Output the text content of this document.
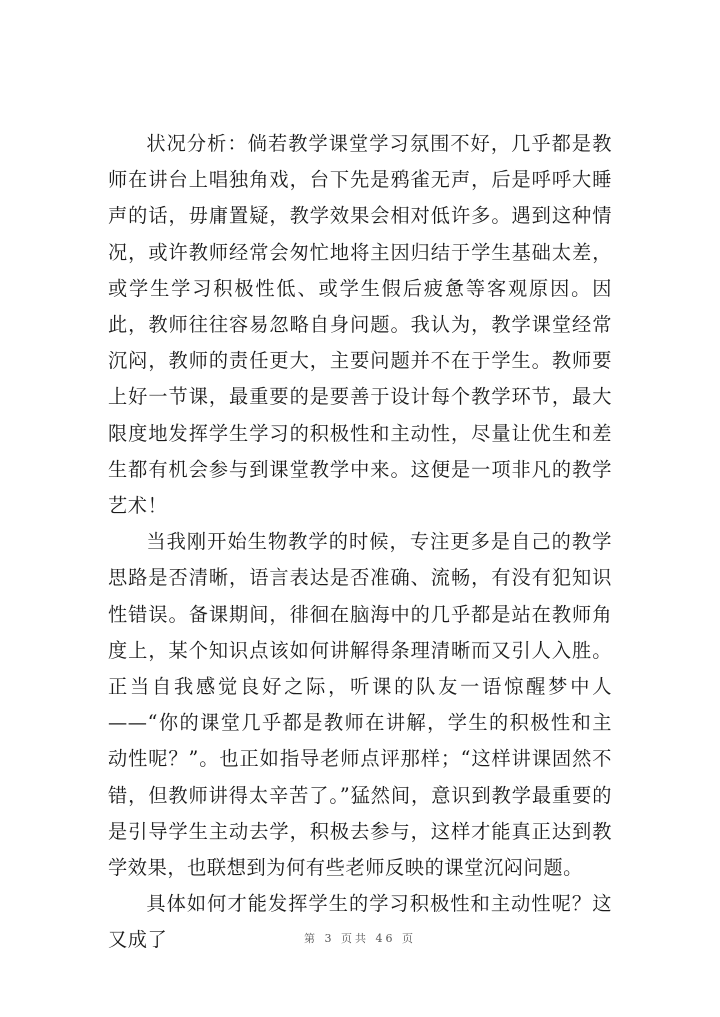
状况分析：倘若教学课堂学习氛围不好，几乎都是教师在讲台上唱独角戏，台下先是鸦雀无声，后是呼呼大睡声的话，毋庸置疑，教学效果会相对低许多。遇到这种情况，或许教师经常会匆忙地将主因归结于学生基础太差，或学生学习积极性低、或学生假后疲惫等客观原因。因此，教师往往容易忽略自身问题。我认为，教学课堂经常沉闷，教师的责任更大，主要问题并不在于学生。教师要上好一节课，最重要的是要善于设计每个教学环节，最大限度地发挥学生学习的积极性和主动性，尽量让优生和差生都有机会参与到课堂教学中来。这便是一项非凡的教学艺术！

当我刚开始生物教学的时候，专注更多是自己的教学思路是否清晰，语言表达是否准确、流畅，有没有犯知识性错误。备课期间，徘徊在脑海中的几乎都是站在教师角度上，某个知识点该如何讲解得条理清晰而又引人入胜。正当自我感觉良好之际，听课的队友一语惊醒梦中人——“你的课堂几乎都是教师在讲解，学生的积极性和主动性呢？”。也正如指导老师点评那样；“这样讲课固然不错，但教师讲得太辛苦了。”猛然间，意识到教学最重要的是引导学生主动去学，积极去参与，这样才能真正达到教学效果，也联想到为何有些老师反映的课堂沉闷问题。

具体如何才能发挥学生的学习积极性和主动性呢？这又成了	第 3 页共 46 页
